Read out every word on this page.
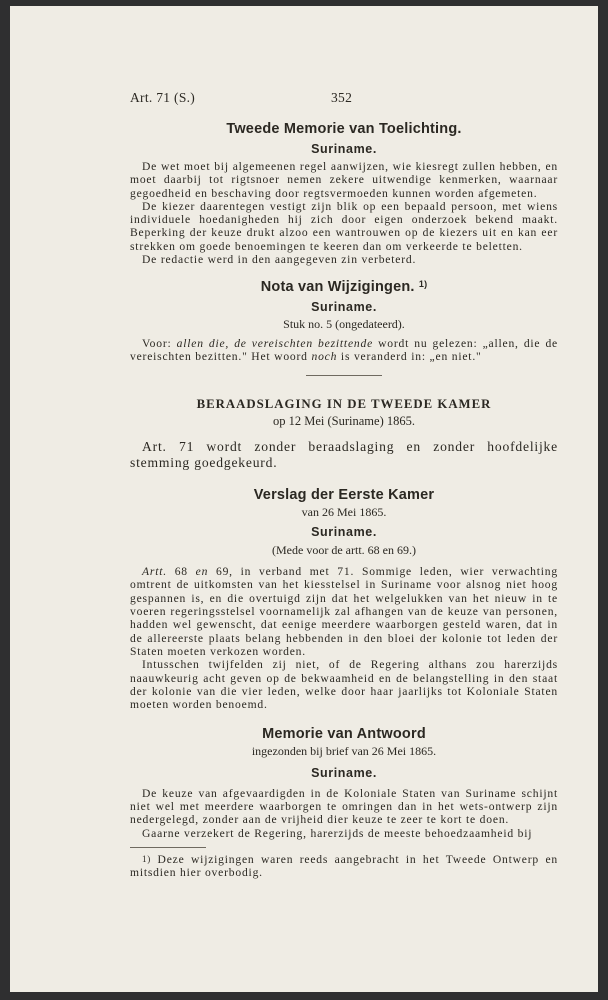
Art. 71 (S.)	352
Tweede Memorie van Toelichting.
Suriname.

De wet moet bij algemeenen regel aanwijzen, wie kiesregt zullen hebben, en moet daarbij tot rigtsnoer nemen zekere uitwendige kenmerken, waarnaar gegoedheid en beschaving door regtsvermoeden kunnen worden afgemeten.

De kiezer daarentegen vestigt zijn blik op een bepaald persoon, met wiens individuele hoedanigheden hij zich door eigen onderzoek bekend maakt. Beperking der keuze drukt alzoo een wantrouwen op de kiezers uit en kan eer strekken om goede benoemingen te keeren dan om verkeerde te beletten.

De redactie werd in den aangegeven zin verbeterd.

Nota van Wijzigingen. $^{1)}$
Suriname.

Stuk no. 5 (ongedateerd).

Voor: allen die, de vereischten bezittende wordt nu gelezen: „allen, die de vereischten bezitten." Het woord noch is veranderd in: „en niet."

BERAADSLAGING IN DE TWEEDE KAMER

op 12 Mei (Suriname) 1865.

Art. 71 wordt zonder beraadslaging en zonder hoofdelijke stemming goedgekeurd.

Verslag der Eerste Kamer

van 26 Mei 1865.

Suriname.

(Mede voor de artt. 68 en 69.)

Artt. 68 en 69, in verband met 71. Sommige leden, wier verwachting omtrent de uitkomsten van het kiesstelsel in Suriname voor alsnog niet hoog gespannen is, en die overtuigd zijn dat het welgelukken van het nieuw in te voeren regeringsstelsel voornamelijk zal afhangen van de keuze van personen, hadden wel gewenscht, dat eenige meerdere waarborgen gesteld waren, dat in de allereerste plaats belang hebbenden in den bloei der kolonie tot leden der Staten moeten verkozen worden.

Intusschen twijfelden zij niet, of de Regering althans zou harerzijds naauwkeurig acht geven op de bekwaamheid en de belangstelling in den staat der kolonie van die vier leden, welke door haar jaarlijks tot Koloniale Staten moeten worden benoemd.

Memorie van Antwoord

ingezonden bij brief van 26 Mei 1865.

Suriname.

De keuze van afgevaardigden in de Koloniale Staten van Suriname schijnt niet wel met meerdere waarborgen te omringen dan in het wets-ontwerp zijn nedergelegd, zonder aan de vrijheid dier keuze te zeer te kort te doen.

Gaarne verzekert de Regering, harerzijds de meeste behoedzaamheid bij

$^{1)}$ Deze wijzigingen waren reeds aangebracht in het Tweede Ontwerp en mitsdien hier overbodig.
